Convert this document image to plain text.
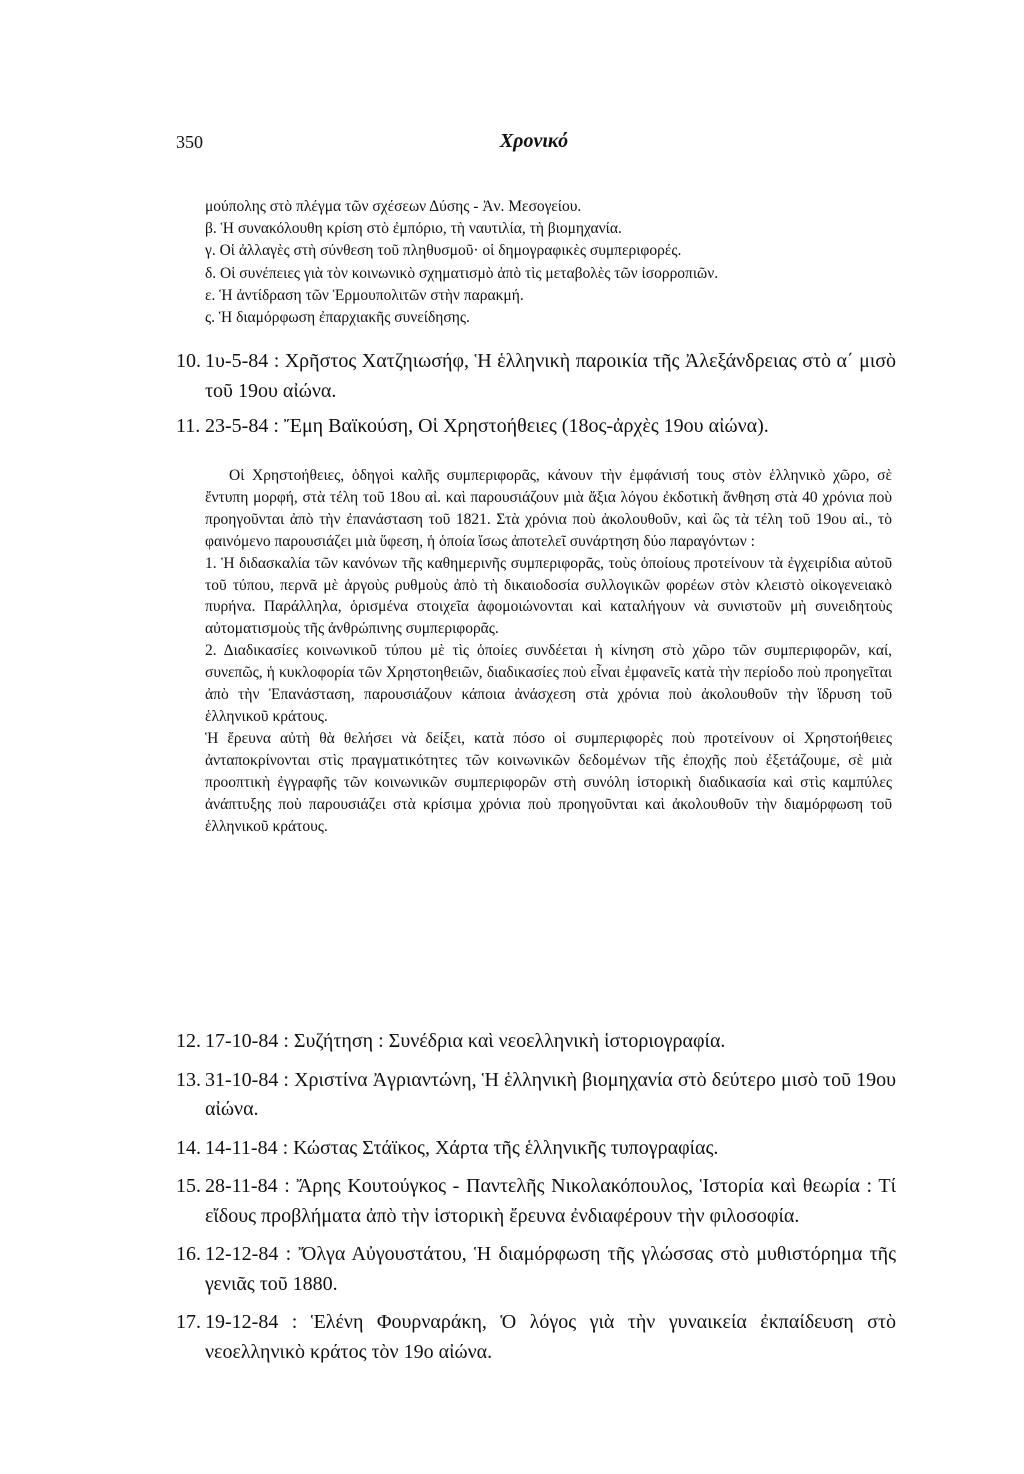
350	Χρονικό

μούπολης στὸ πλέγμα τῶν σχέσεων Δύσης - Ἀν. Μεσογείου.

β. Ἡ συνακόλουθη κρίση στὸ ἐμπόριο, τὴ ναυτιλία, τὴ βιομηχανία.

γ. Οἱ ἀλλαγὲς στὴ σύνθεση τοῦ πληθυσμοῦ· οἱ δημογραφικὲς συμπεριφορές.

δ. Οἱ συνέπειες γιὰ τὸν κοινωνικὸ σχηματισμὸ ἀπὸ τὶς μεταβολὲς τῶν ἰσορροπιῶν.

ε. Ἡ ἀντίδραση τῶν Ἑρμουπολιτῶν στὴν παρακμή.

ς. Ἡ διαμόρφωση ἐπαρχιακῆς συνείδησης.

10. 1υ-5-84 : Χρῆστος Χατζηιωσήφ, Ἡ ἑλληνικὴ παροικία τῆς Ἀλεξάνδρειας στὸ α΄ μισὸ τοῦ 19ου αἰώνα.
11. 23-5-84 : Ἔμη Βαϊκούση, Οἱ Χρηστοήθειες (18ος-ἀρχὲς 19ου αἰώνα).

Οἱ Χρηστοήθειες, ὁδηγοὶ καλῆς συμπεριφορᾶς, κάνουν τὴν ἐμφάνισή τους στὸν ἑλληνικὸ χῶρο, σὲ ἔντυπη μορφή, στὰ τέλη τοῦ 18ου αἰ. καὶ παρουσιάζουν μιὰ ἄξια λόγου ἐκδοτικὴ ἄνθηση στὰ 40 χρόνια ποὺ προηγοῦνται ἀπὸ τὴν ἐπανάσταση τοῦ 1821. Στὰ χρόνια ποὺ ἀκολουθοῦν, καὶ ὣς τὰ τέλη τοῦ 19ου αἰ., τὸ φαινόμενο παρουσιάζει μιὰ ὕφεση, ἡ ὁποία ἴσως ἀποτελεῖ συνάρτηση δύο παραγόντων :

1. Ἡ διδασκαλία τῶν κανόνων τῆς καθημερινῆς συμπεριφορᾶς, τοὺς ὁποίους προτείνουν τὰ ἐγχειρίδια αὐτοῦ τοῦ τύπου, περνᾶ μὲ ἀργοὺς ρυθμοὺς ἀπὸ τὴ δικαιοδοσία συλλογικῶν φορέων στὸν κλειστὸ οἰκογενειακὸ πυρήνα. Παράλληλα, ὁρισμένα στοιχεῖα ἀφομοιώνονται καὶ καταλήγουν νὰ συνιστοῦν μὴ συνειδητοὺς αὐτοματισμοὺς τῆς ἀνθρώπινης συμπεριφορᾶς.

2. Διαδικασίες κοινωνικοῦ τύπου μὲ τὶς ὁποίες συνδέεται ἡ κίνηση στὸ χῶρο τῶν συμπεριφορῶν, καί, συνεπῶς, ἡ κυκλοφορία τῶν Χρηστοηθειῶν, διαδικασίες ποὺ εἶναι ἐμφανεῖς κατὰ τὴν περίοδο ποὺ προηγεῖται ἀπὸ τὴν Ἐπανάσταση, παρουσιάζουν κάποια ἀνάσχεση στὰ χρόνια ποὺ ἀκολουθοῦν τὴν ἵδρυση τοῦ ἑλληνικοῦ κράτους.

Ἡ ἔρευνα αὐτὴ θὰ θελήσει νὰ δείξει, κατὰ πόσο οἱ συμπεριφορὲς ποὺ προτείνουν οἱ Χρηστοήθειες ἀνταποκρίνονται στὶς πραγματικότητες τῶν κοινωνικῶν δεδομένων τῆς ἐποχῆς ποὺ ἐξετάζουμε, σὲ μιὰ προοπτικὴ ἐγγραφῆς τῶν κοινωνικῶν συμπεριφορῶν στὴ συνόλη ἱστορικὴ διαδικασία καὶ στὶς καμπύλες ἀνάπτυξης ποὺ παρουσιάζει στὰ κρίσιμα χρόνια ποὺ προηγοῦνται καὶ ἀκολουθοῦν τὴν διαμόρφωση τοῦ ἑλληνικοῦ κράτους.

12. 17-10-84 : Συζήτηση : Συνέδρια καὶ νεοελληνικὴ ἱστοριογραφία.
13. 31-10-84 : Χριστίνα Ἀγριαντώνη, Ἡ ἑλληνικὴ βιομηχανία στὸ δεύτερο μισὸ τοῦ 19ου αἰώνα.
14. 14-11-84 : Κώστας Στάϊκος, Χάρτα τῆς ἑλληνικῆς τυπογραφίας.
15. 28-11-84 : Ἄρης Κουτούγκος - Παντελῆς Νικολακόπουλος, Ἱστορία καὶ θεωρία : Τί εἴδους προβλήματα ἀπὸ τὴν ἱστορικὴ ἔρευνα ἐνδιαφέρουν τὴν φιλοσοφία.
16. 12-12-84 : Ὄλγα Αὐγουστάτου, Ἡ διαμόρφωση τῆς γλώσσας στὸ μυθιστόρημα τῆς γενιᾶς τοῦ 1880.
17. 19-12-84 : Ἑλένη Φουρναράκη, Ὁ λόγος γιὰ τὴν γυναικεία ἐκπαίδευση στὸ νεοελληνικὸ κράτος τὸν 19ο αἰώνα.
